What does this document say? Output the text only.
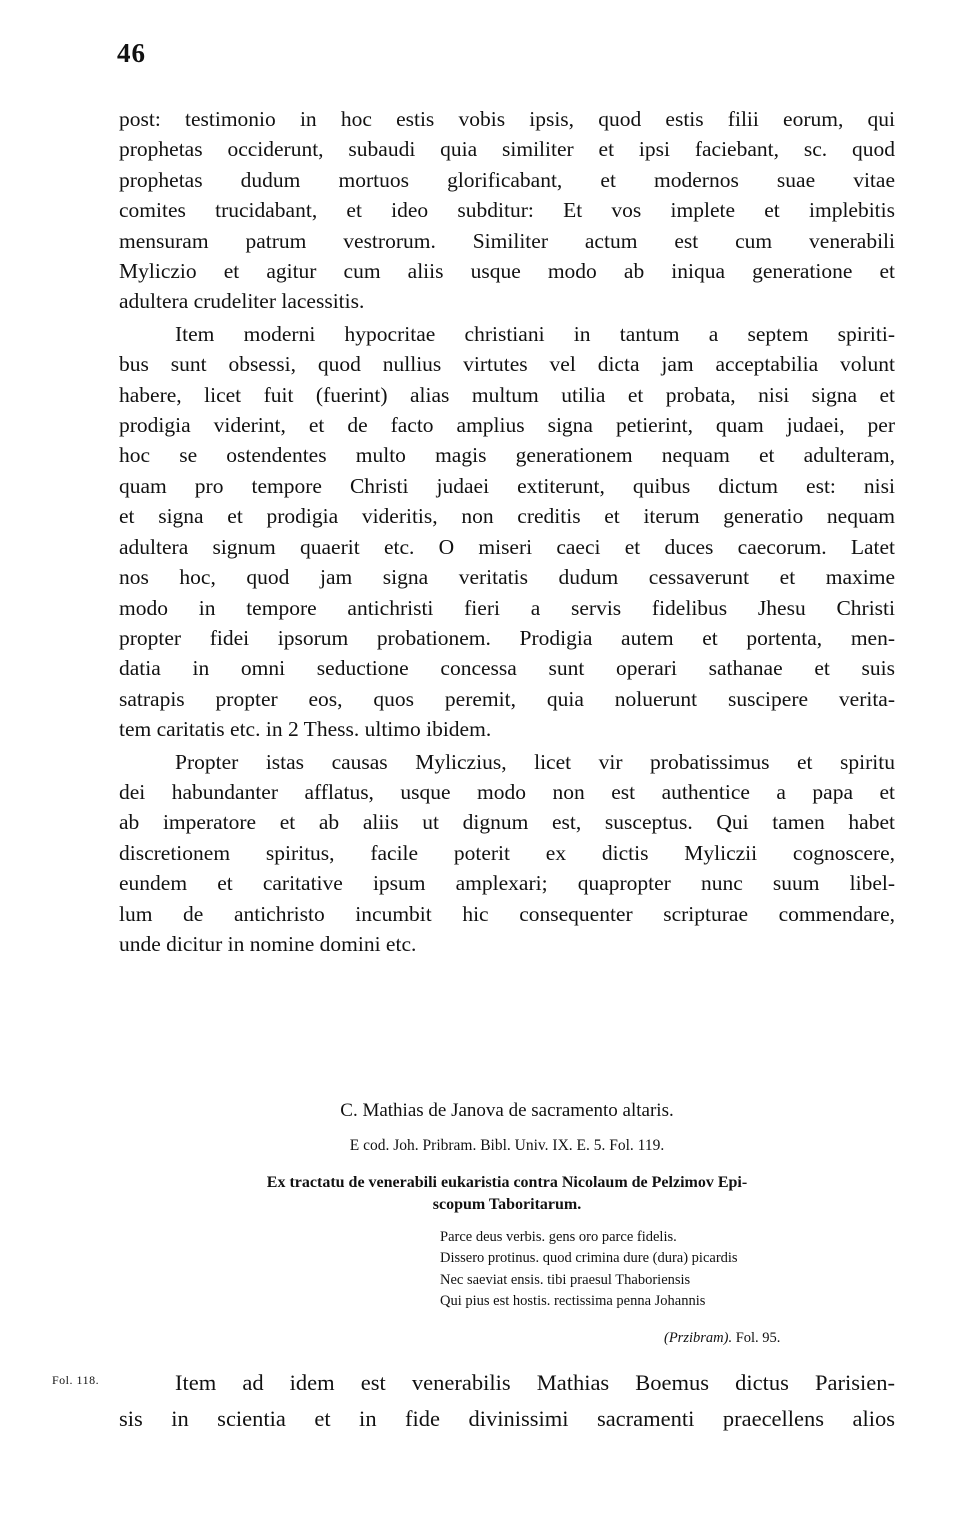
46
post: testimonio in hoc estis vobis ipsis, quod estis filii eorum, qui
prophetas occiderunt, subaudi quia similiter et ipsi faciebant, sc. quod
prophetas dudum mortuos glorificabant, et modernos suae vitae
comites trucidabant, et ideo subditur: Et vos implete et implebitis
mensuram patrum vestrorum. Similiter actum est cum venerabili
Myliczio et agitur cum aliis usque modo ab iniqua generatione et
adultera crudeliter lacessitis.
Item moderni hypocritae christiani in tantum a septem spiriti-
bus sunt obsessi, quod nullius virtutes vel dicta jam acceptabilia volunt
habere, licet fuit (fuerint) alias multum utilia et probata, nisi signa et
prodigia viderint, et de facto amplius signa petierint, quam judaei, per
hoc se ostendentes multo magis generationem nequam et adulteram,
quam pro tempore Christi judaei extiterunt, quibus dictum est: nisi
et signa et prodigia videritis, non creditis et iterum generatio nequam
adultera signum quaerit etc. O miseri caeci et duces caecorum. Latet
nos hoc, quod jam signa veritatis dudum cessaverunt et maxime
modo in tempore antichristi fieri a servis fidelibus Jhesu Christi
propter fidei ipsorum probationem. Prodigia autem et portenta, men-
datia in omni seductione concessa sunt operari sathanae et suis
satrapis propter eos, quos peremit, quia noluerunt suscipere verita-
tem caritatis etc. in 2 Thess. ultimo ibidem.
Propter istas causas Myliczius, licet vir probatissimus et spiritu
dei habundanter afflatus, usque modo non est authentice a papa et
ab imperatore et ab aliis ut dignum est, susceptus. Qui tamen habet
discretionem spiritus, facile poterit ex dictis Myliczii cognoscere,
eundem et caritative ipsum amplexari; quapropter nunc suum libel-
lum de antichristo incumbit hic consequenter scripturae commendare,
unde dicitur in nomine domini etc.
C. Mathias de Janova de sacramento altaris.
E cod. Joh. Pribram. Bibl. Univ. IX. E. 5. Fol. 119.
Ex tractatu de venerabili eukaristia contra Nicolaum de Pelzimov Epi-
scopum Taboritarum.
Parce deus verbis. gens oro parce fidelis.
Dissero protinus. quod crimina dure (dura) picardis
Nec saeviat ensis. tibi praesul Thaboriensis
Qui pius est hostis. rectissima penna Johannis
(Przibram). Fol. 95.
Fol. 118.	Item ad idem est venerabilis Mathias Boemus dictus Parisien-
sis in scientia et in fide divinissimi sacramenti praecellens alios
